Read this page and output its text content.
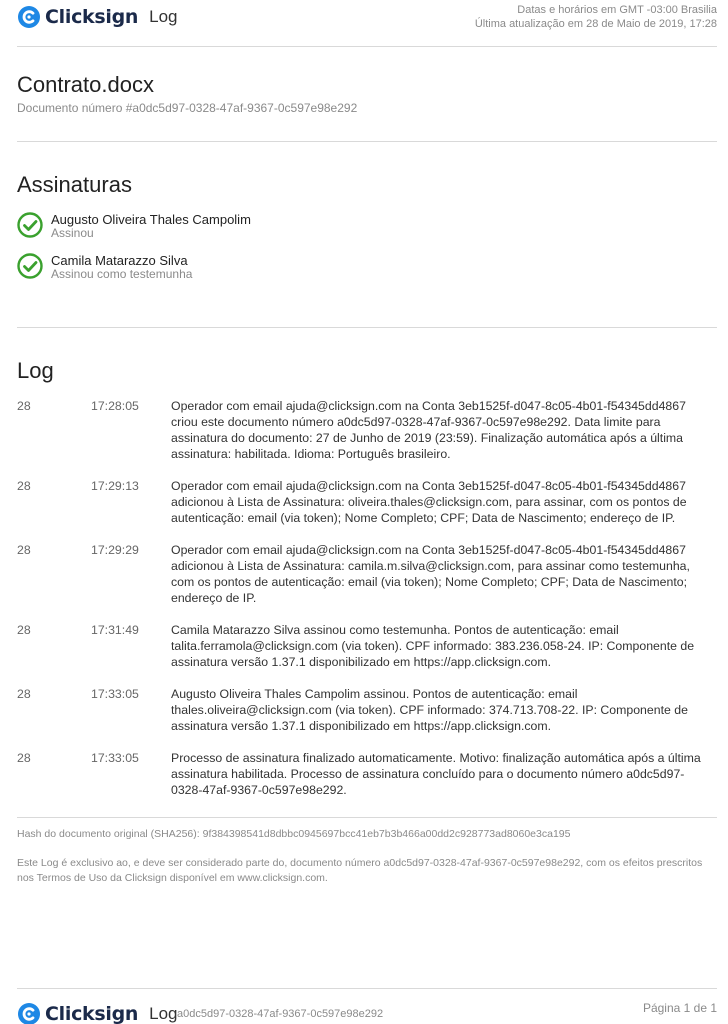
Clicksign Log	Datas e horários em GMT -03:00 Brasilia
Última atualização em 28 de Maio de 2019, 17:28
Contrato.docx
Documento número #a0dc5d97-0328-47af-9367-0c597e98e292
Assinaturas
Augusto Oliveira Thales Campolim
Assinou
Camila Matarazzo Silva
Assinou como testemunha
Log
28	17:28:05	Operador com email ajuda@clicksign.com na Conta 3eb1525f-d047-8c05-4b01-f54345dd4867 criou este documento número a0dc5d97-0328-47af-9367-0c597e98e292. Data limite para assinatura do documento: 27 de Junho de 2019 (23:59). Finalização automática após a última assinatura: habilitada. Idioma: Português brasileiro.
28	17:29:13	Operador com email ajuda@clicksign.com na Conta 3eb1525f-d047-8c05-4b01-f54345dd4867 adicionou à Lista de Assinatura: oliveira.thales@clicksign.com, para assinar, com os pontos de autenticação: email (via token); Nome Completo; CPF; Data de Nascimento; endereço de IP.
28	17:29:29	Operador com email ajuda@clicksign.com na Conta 3eb1525f-d047-8c05-4b01-f54345dd4867 adicionou à Lista de Assinatura: camila.m.silva@clicksign.com, para assinar como testemunha, com os pontos de autenticação: email (via token); Nome Completo; CPF; Data de Nascimento; endereço de IP.
28	17:31:49	Camila Matarazzo Silva assinou como testemunha. Pontos de autenticação: email talita.ferramola@clicksign.com (via token). CPF informado: 383.236.058-24. IP: Componente de assinatura versão 1.37.1 disponibilizado em https://app.clicksign.com.
28	17:33:05	Augusto Oliveira Thales Campolim assinou. Pontos de autenticação: email thales.oliveira@clicksign.com (via token). CPF informado: 374.713.708-22. IP: Componente de assinatura versão 1.37.1 disponibilizado em https://app.clicksign.com.
28	17:33:05	Processo de assinatura finalizado automaticamente. Motivo: finalização automática após a última assinatura habilitada. Processo de assinatura concluído para o documento número a0dc5d97-0328-47af-9367-0c597e98e292.
Hash do documento original (SHA256): 9f384398541d8dbbc0945697bcc41eb7b3b466a00dd2c928773ad8060e3ca195
Este Log é exclusivo ao, e deve ser considerado parte do, documento número a0dc5d97-0328-47af-9367-0c597e98e292, com os efeitos prescritos nos Termos de Uso da Clicksign disponível em www.clicksign.com.
Clicksign Log a0dc5d97-0328-47af-9367-0c597e98e292	Página 1 de 1
